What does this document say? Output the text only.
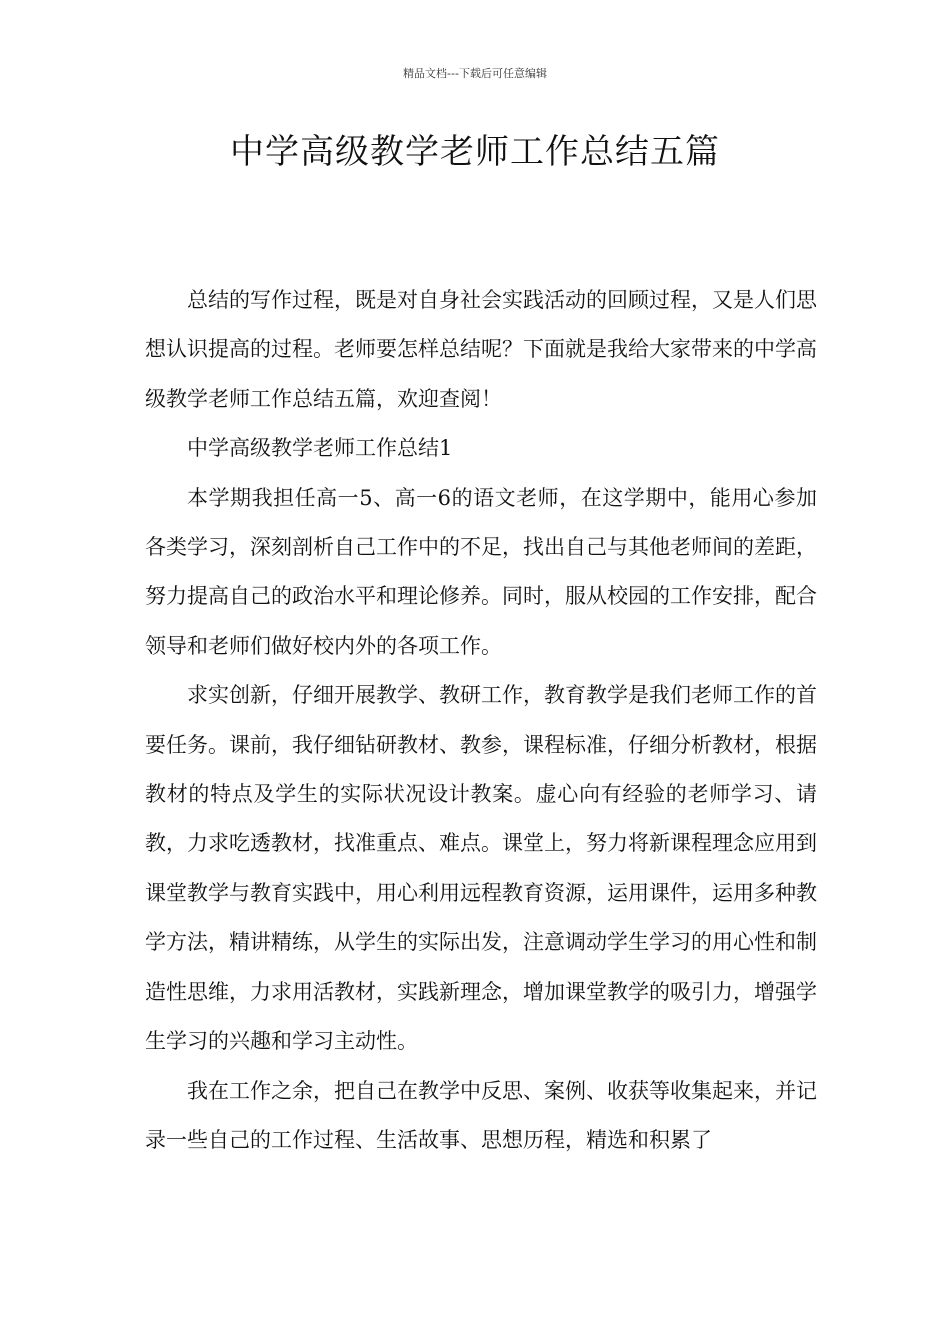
精品文档---下载后可任意编辑
中学高级教学老师工作总结五篇

总结的写作过程，既是对自身社会实践活动的回顾过程，又是人们思想认识提高的过程。老师要怎样总结呢？下面就是我给大家带来的中学高级教学老师工作总结五篇，欢迎查阅！

中学高级教学老师工作总结1

本学期我担任高一5、高一6的语文老师，在这学期中，能用心参加各类学习，深刻剖析自己工作中的不足，找出自己与其他老师间的差距，努力提高自己的政治水平和理论修养。同时，服从校园的工作安排，配合领导和老师们做好校内外的各项工作。

求实创新，仔细开展教学、教研工作，教育教学是我们老师工作的首要任务。课前，我仔细钻研教材、教参，课程标准，仔细分析教材，根据教材的特点及学生的实际状况设计教案。虚心向有经验的老师学习、请教，力求吃透教材，找准重点、难点。课堂上，努力将新课程理念应用到课堂教学与教育实践中，用心利用远程教育资源，运用课件，运用多种教学方法，精讲精练，从学生的实际出发，注意调动学生学习的用心性和制造性思维，力求用活教材，实践新理念，增加课堂教学的吸引力，增强学生学习的兴趣和学习主动性。

我在工作之余，把自己在教学中反思、案例、收获等收集起来，并记录一些自己的工作过程、生活故事、思想历程，精选和积累了
